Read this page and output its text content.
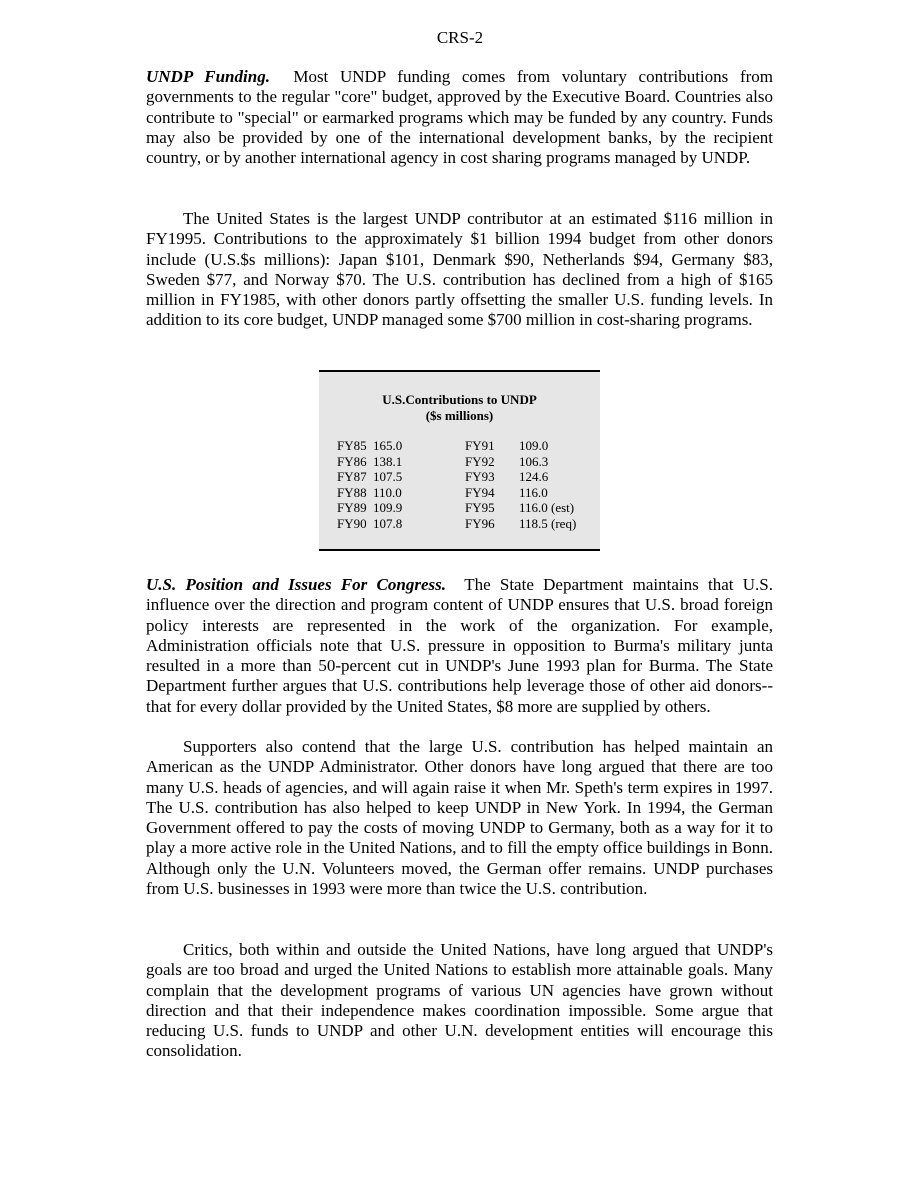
CRS-2

UNDP Funding. Most UNDP funding comes from voluntary contributions from governments to the regular "core" budget, approved by the Executive Board. Countries also contribute to "special" or earmarked programs which may be funded by any country. Funds may also be provided by one of the international development banks, by the recipient country, or by another international agency in cost sharing programs managed by UNDP.

The United States is the largest UNDP contributor at an estimated $116 million in FY1995. Contributions to the approximately $1 billion 1994 budget from other donors include (U.S.$s millions): Japan $101, Denmark $90, Netherlands $94, Germany $83, Sweden $77, and Norway $70. The U.S. contribution has declined from a high of $165 million in FY1985, with other donors partly offsetting the smaller U.S. funding levels. In addition to its core budget, UNDP managed some $700 million in cost-sharing programs.

U.S.Contributions to UNDP
($s millions)
FY85	165.0	FY91	109.0
FY86	138.1	FY92	106.3
FY87	107.5	FY93	124.6
FY88	110.0	FY94	116.0
FY89	109.9	FY95	116.0 (est)
FY90	107.8	FY96	118.5 (req)

U.S. Position and Issues For Congress. The State Department maintains that U.S. influence over the direction and program content of UNDP ensures that U.S. broad foreign policy interests are represented in the work of the organization. For example, Administration officials note that U.S. pressure in opposition to Burma's military junta resulted in a more than 50-percent cut in UNDP's June 1993 plan for Burma. The State Department further argues that U.S. contributions help leverage those of other aid donors--that for every dollar provided by the United States, $8 more are supplied by others.

Supporters also contend that the large U.S. contribution has helped maintain an American as the UNDP Administrator. Other donors have long argued that there are too many U.S. heads of agencies, and will again raise it when Mr. Speth's term expires in 1997. The U.S. contribution has also helped to keep UNDP in New York. In 1994, the German Government offered to pay the costs of moving UNDP to Germany, both as a way for it to play a more active role in the United Nations, and to fill the empty office buildings in Bonn. Although only the U.N. Volunteers moved, the German offer remains. UNDP purchases from U.S. businesses in 1993 were more than twice the U.S. contribution.

Critics, both within and outside the United Nations, have long argued that UNDP's goals are too broad and urged the United Nations to establish more attainable goals. Many complain that the development programs of various UN agencies have grown without direction and that their independence makes coordination impossible. Some argue that reducing U.S. funds to UNDP and other U.N. development entities will encourage this consolidation.
